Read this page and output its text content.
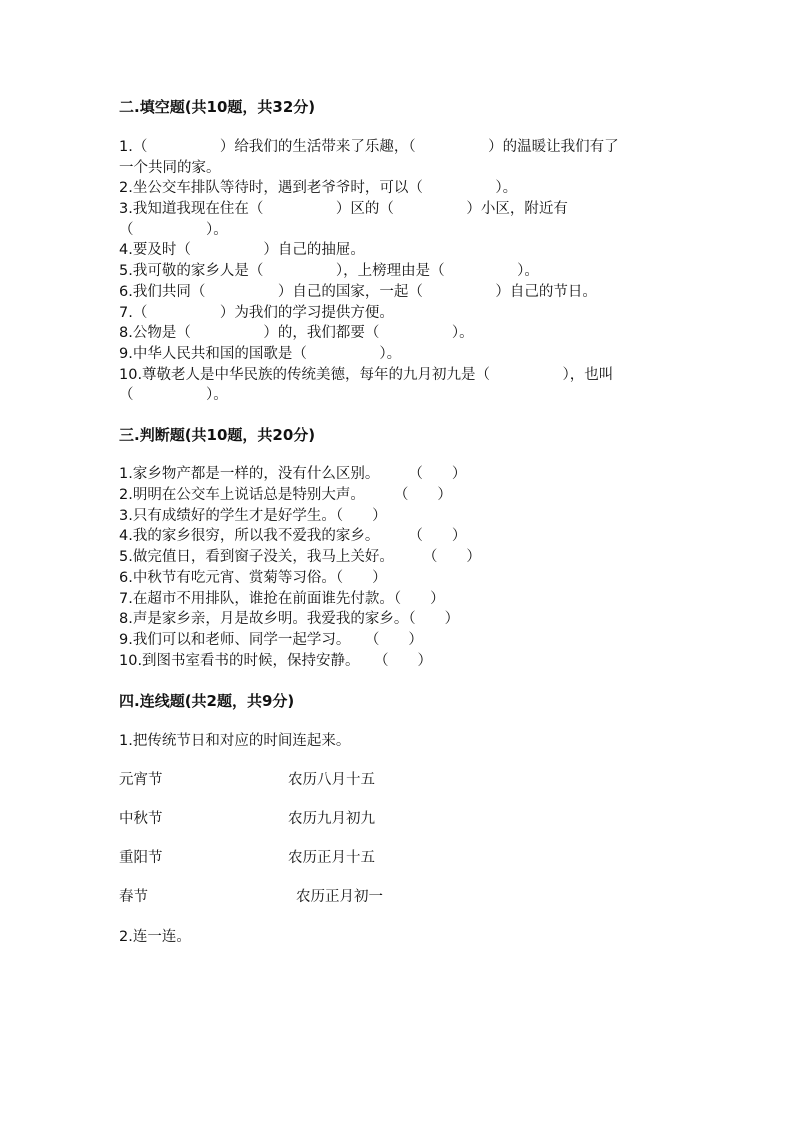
二.填空题(共10题，共32分)
1.（　　　　　）给我们的生活带来了乐趣，（　　　　　）的温暖让我们有了
一个共同的家。
2.坐公交车排队等待时，遇到老爷爷时，可以（　　　　　）。
3.我知道我现在住在（　　　　　）区的（　　　　　）小区，附近有
（　　　　　）。
4.要及时（　　　　　）自己的抽屉。
5.我可敬的家乡人是（　　　　　），上榜理由是（　　　　　）。
6.我们共同（　　　　　）自己的国家，一起（　　　　　）自己的节日。
7.（　　　　　）为我们的学习提供方便。
8.公物是（　　　　　）的，我们都要（　　　　　）。
9.中华人民共和国的国歌是（　　　　　）。
10.尊敬老人是中华民族的传统美德，每年的九月初九是（　　　　　），也叫
（　　　　　）。
三.判断题(共10题，共20分)
1.家乡物产都是一样的，没有什么区别。　　　（　　）
2.明明在公交车上说话总是特别大声。　　　（　　）
3.只有成绩好的学生才是好学生。（　　）
4.我的家乡很穷，所以我不爱我的家乡。　　　（　　）
5.做完值日，看到窗子没关，我马上关好。　　　（　　）
6.中秋节有吃元宵、赏菊等习俗。（　　）
7.在超市不用排队，谁抢在前面谁先付款。（　　）
8.声是家乡亲，月是故乡明。我爱我的家乡。（　　）
9.我们可以和老师、同学一起学习。　　（　　）
10.到图书室看书的时候，保持安静。　　（　　）
四.连线题(共2题，共9分)
1.把传统节日和对应的时间连起来。
元宵节	农历八月十五
中秋节	农历九月初九
重阳节	农历正月十五
春节	农历正月初一
2.连一连。
